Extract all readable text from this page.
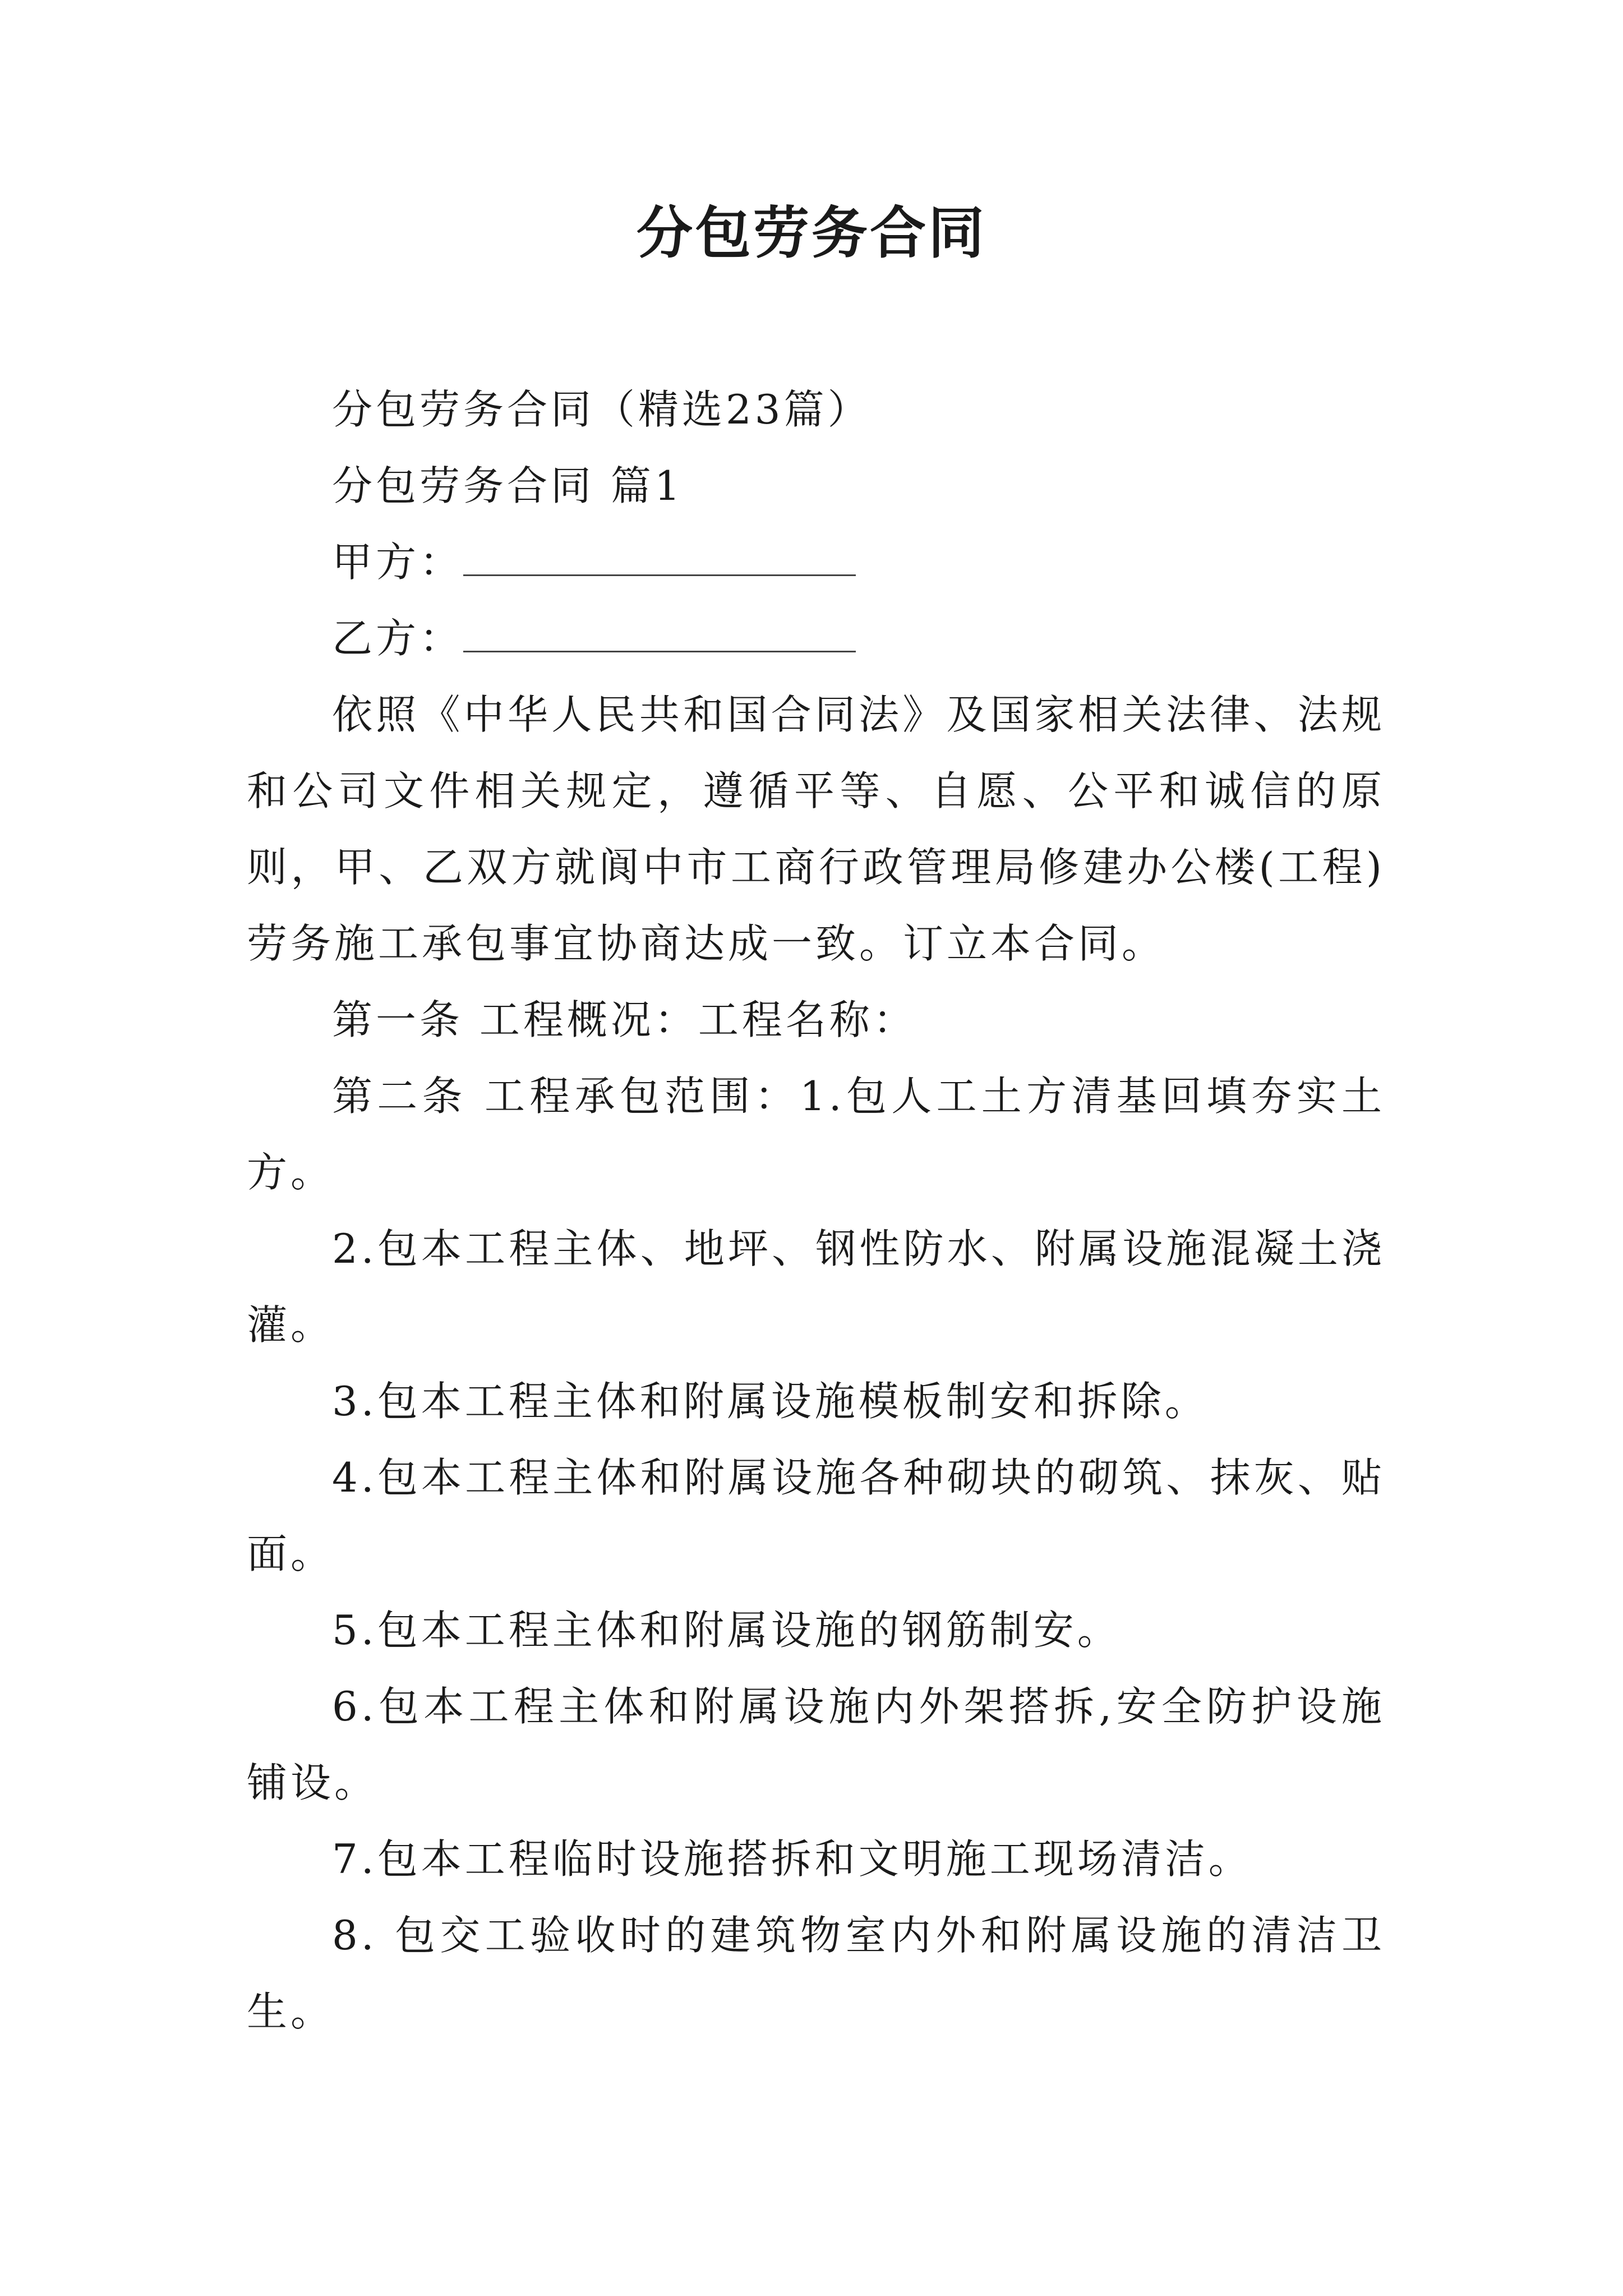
分包劳务合同

分包劳务合同（精选23篇）

分包劳务合同 篇1

甲方：

乙方：

依照《中华人民共和国合同法》及国家相关法律、法规和公司文件相关规定，遵循平等、自愿、公平和诚信的原则，甲、乙双方就阆中市工商行政管理局修建办公楼(工程)劳务施工承包事宜协商达成一致。订立本合同。

第一条 工程概况：工程名称：

第二条 工程承包范围：1.包人工土方清基回填夯实土方。

2.包本工程主体、地坪、钢性防水、附属设施混凝土浇灌。

3.包本工程主体和附属设施模板制安和拆除。

4.包本工程主体和附属设施各种砌块的砌筑、抹灰、贴面。

5.包本工程主体和附属设施的钢筋制安。

6.包本工程主体和附属设施内外架搭拆,安全防护设施铺设。

7.包本工程临时设施搭拆和文明施工现场清洁。

8. 包交工验收时的建筑物室内外和附属设施的清洁卫生。
